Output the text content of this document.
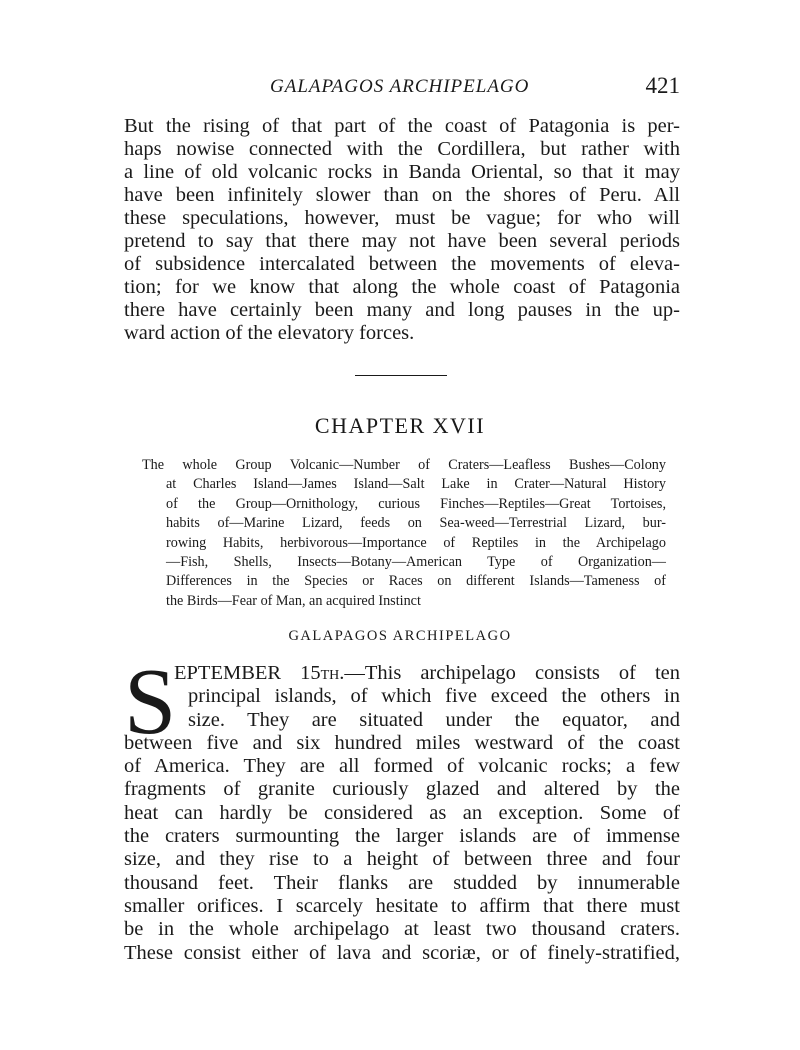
GALAPAGOS ARCHIPELAGO	421

But the rising of that part of the coast of Patagonia is per-
haps nowise connected with the Cordillera, but rather with
a line of old volcanic rocks in Banda Oriental, so that it may
have been infinitely slower than on the shores of Peru. All
these speculations, however, must be vague; for who will
pretend to say that there may not have been several periods
of subsidence intercalated between the movements of eleva-
tion; for we know that along the whole coast of Patagonia
there have certainly been many and long pauses in the up-
ward action of the elevatory forces.

CHAPTER XVII

The whole Group Volcanic—Number of Craters—Leafless Bushes—Colony
at Charles Island—James Island—Salt Lake in Crater—Natural History
of the Group—Ornithology, curious Finches—Reptiles—Great Tortoises,
habits of—Marine Lizard, feeds on Sea-weed—Terrestrial Lizard, bur-
rowing Habits, herbivorous—Importance of Reptiles in the Archipelago
—Fish, Shells, Insects—Botany—American Type of Organization—
Differences in the Species or Races on different Islands—Tameness of
the Birds—Fear of Man, an acquired Instinct

GALAPAGOS ARCHIPELAGO
S

EPTEMBER 15th.—This archipelago consists of ten
principal islands, of which five exceed the others in
size. They are situated under the equator, and
between five and six hundred miles westward of the coast
of America. They are all formed of volcanic rocks; a few
fragments of granite curiously glazed and altered by the
heat can hardly be considered as an exception. Some of
the craters surmounting the larger islands are of immense
size, and they rise to a height of between three and four
thousand feet. Their flanks are studded by innumerable
smaller orifices. I scarcely hesitate to affirm that there must
be in the whole archipelago at least two thousand craters.
These consist either of lava and scoriæ, or of finely-stratified,
